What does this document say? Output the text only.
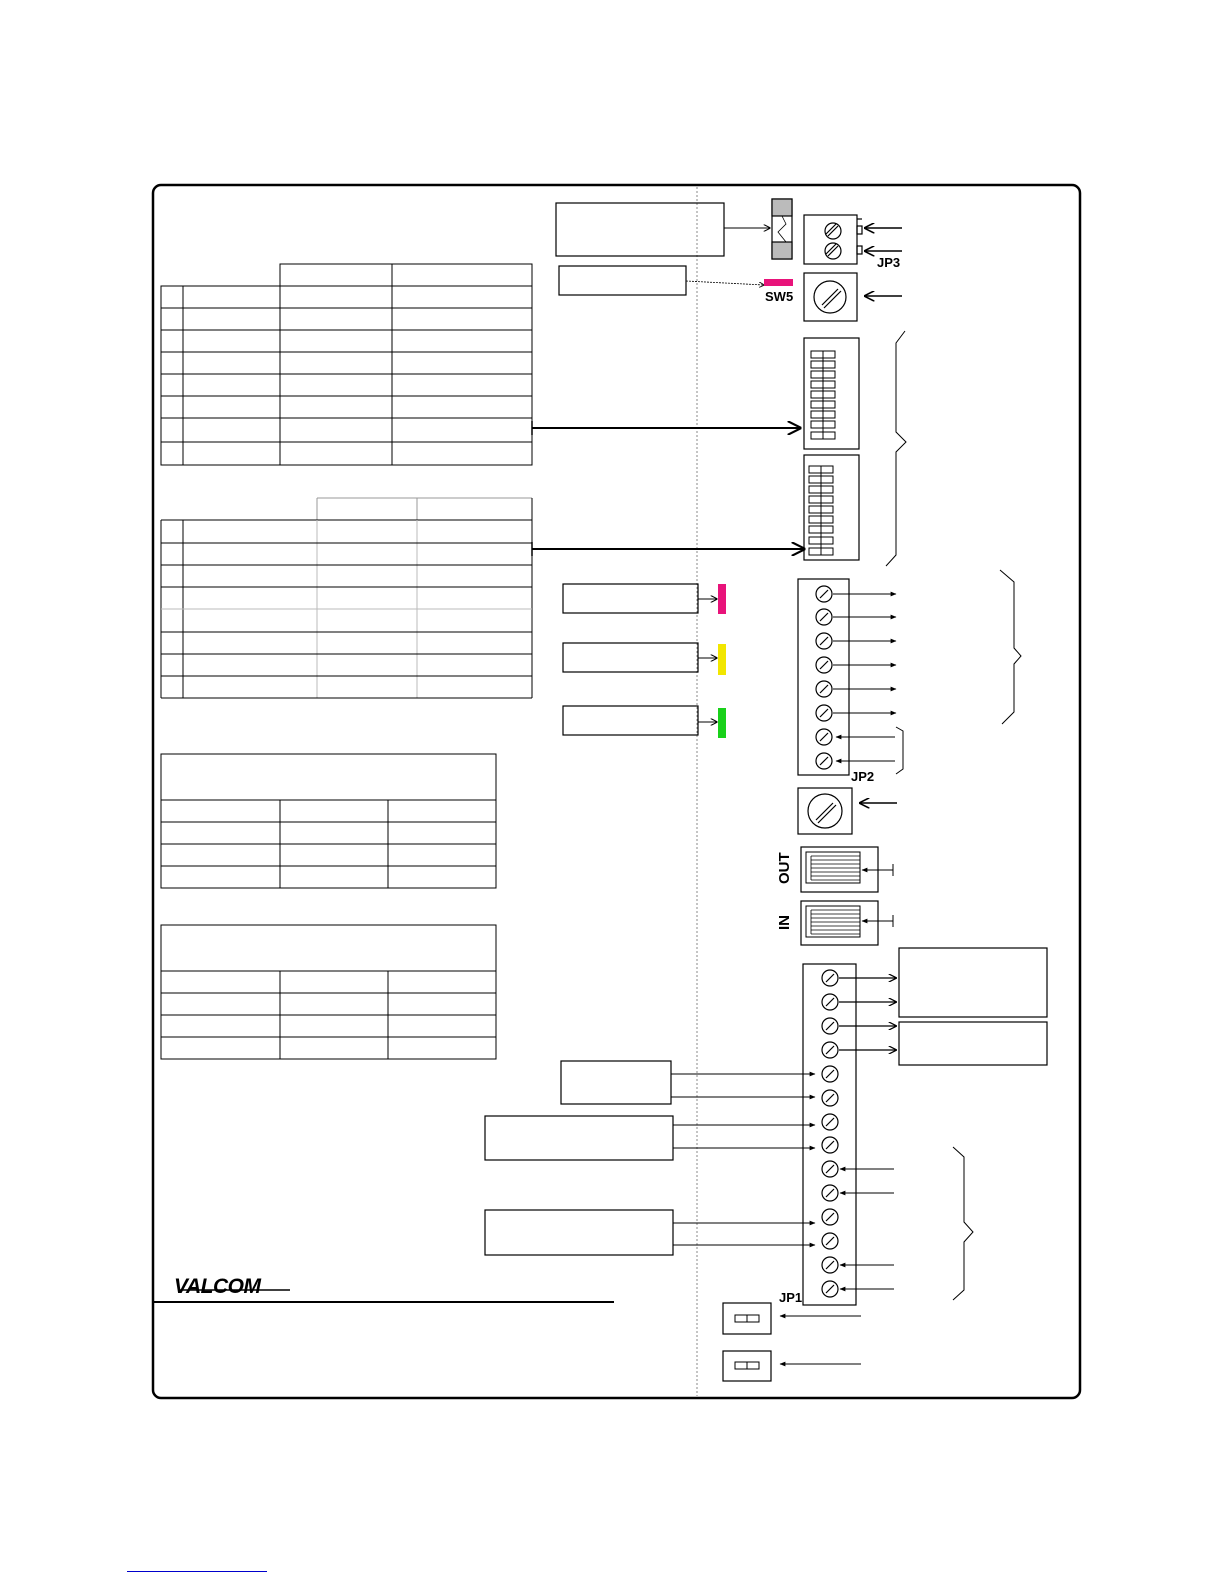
JP3
SW5
JP2
OUT
IN
JP1
VALCOM
